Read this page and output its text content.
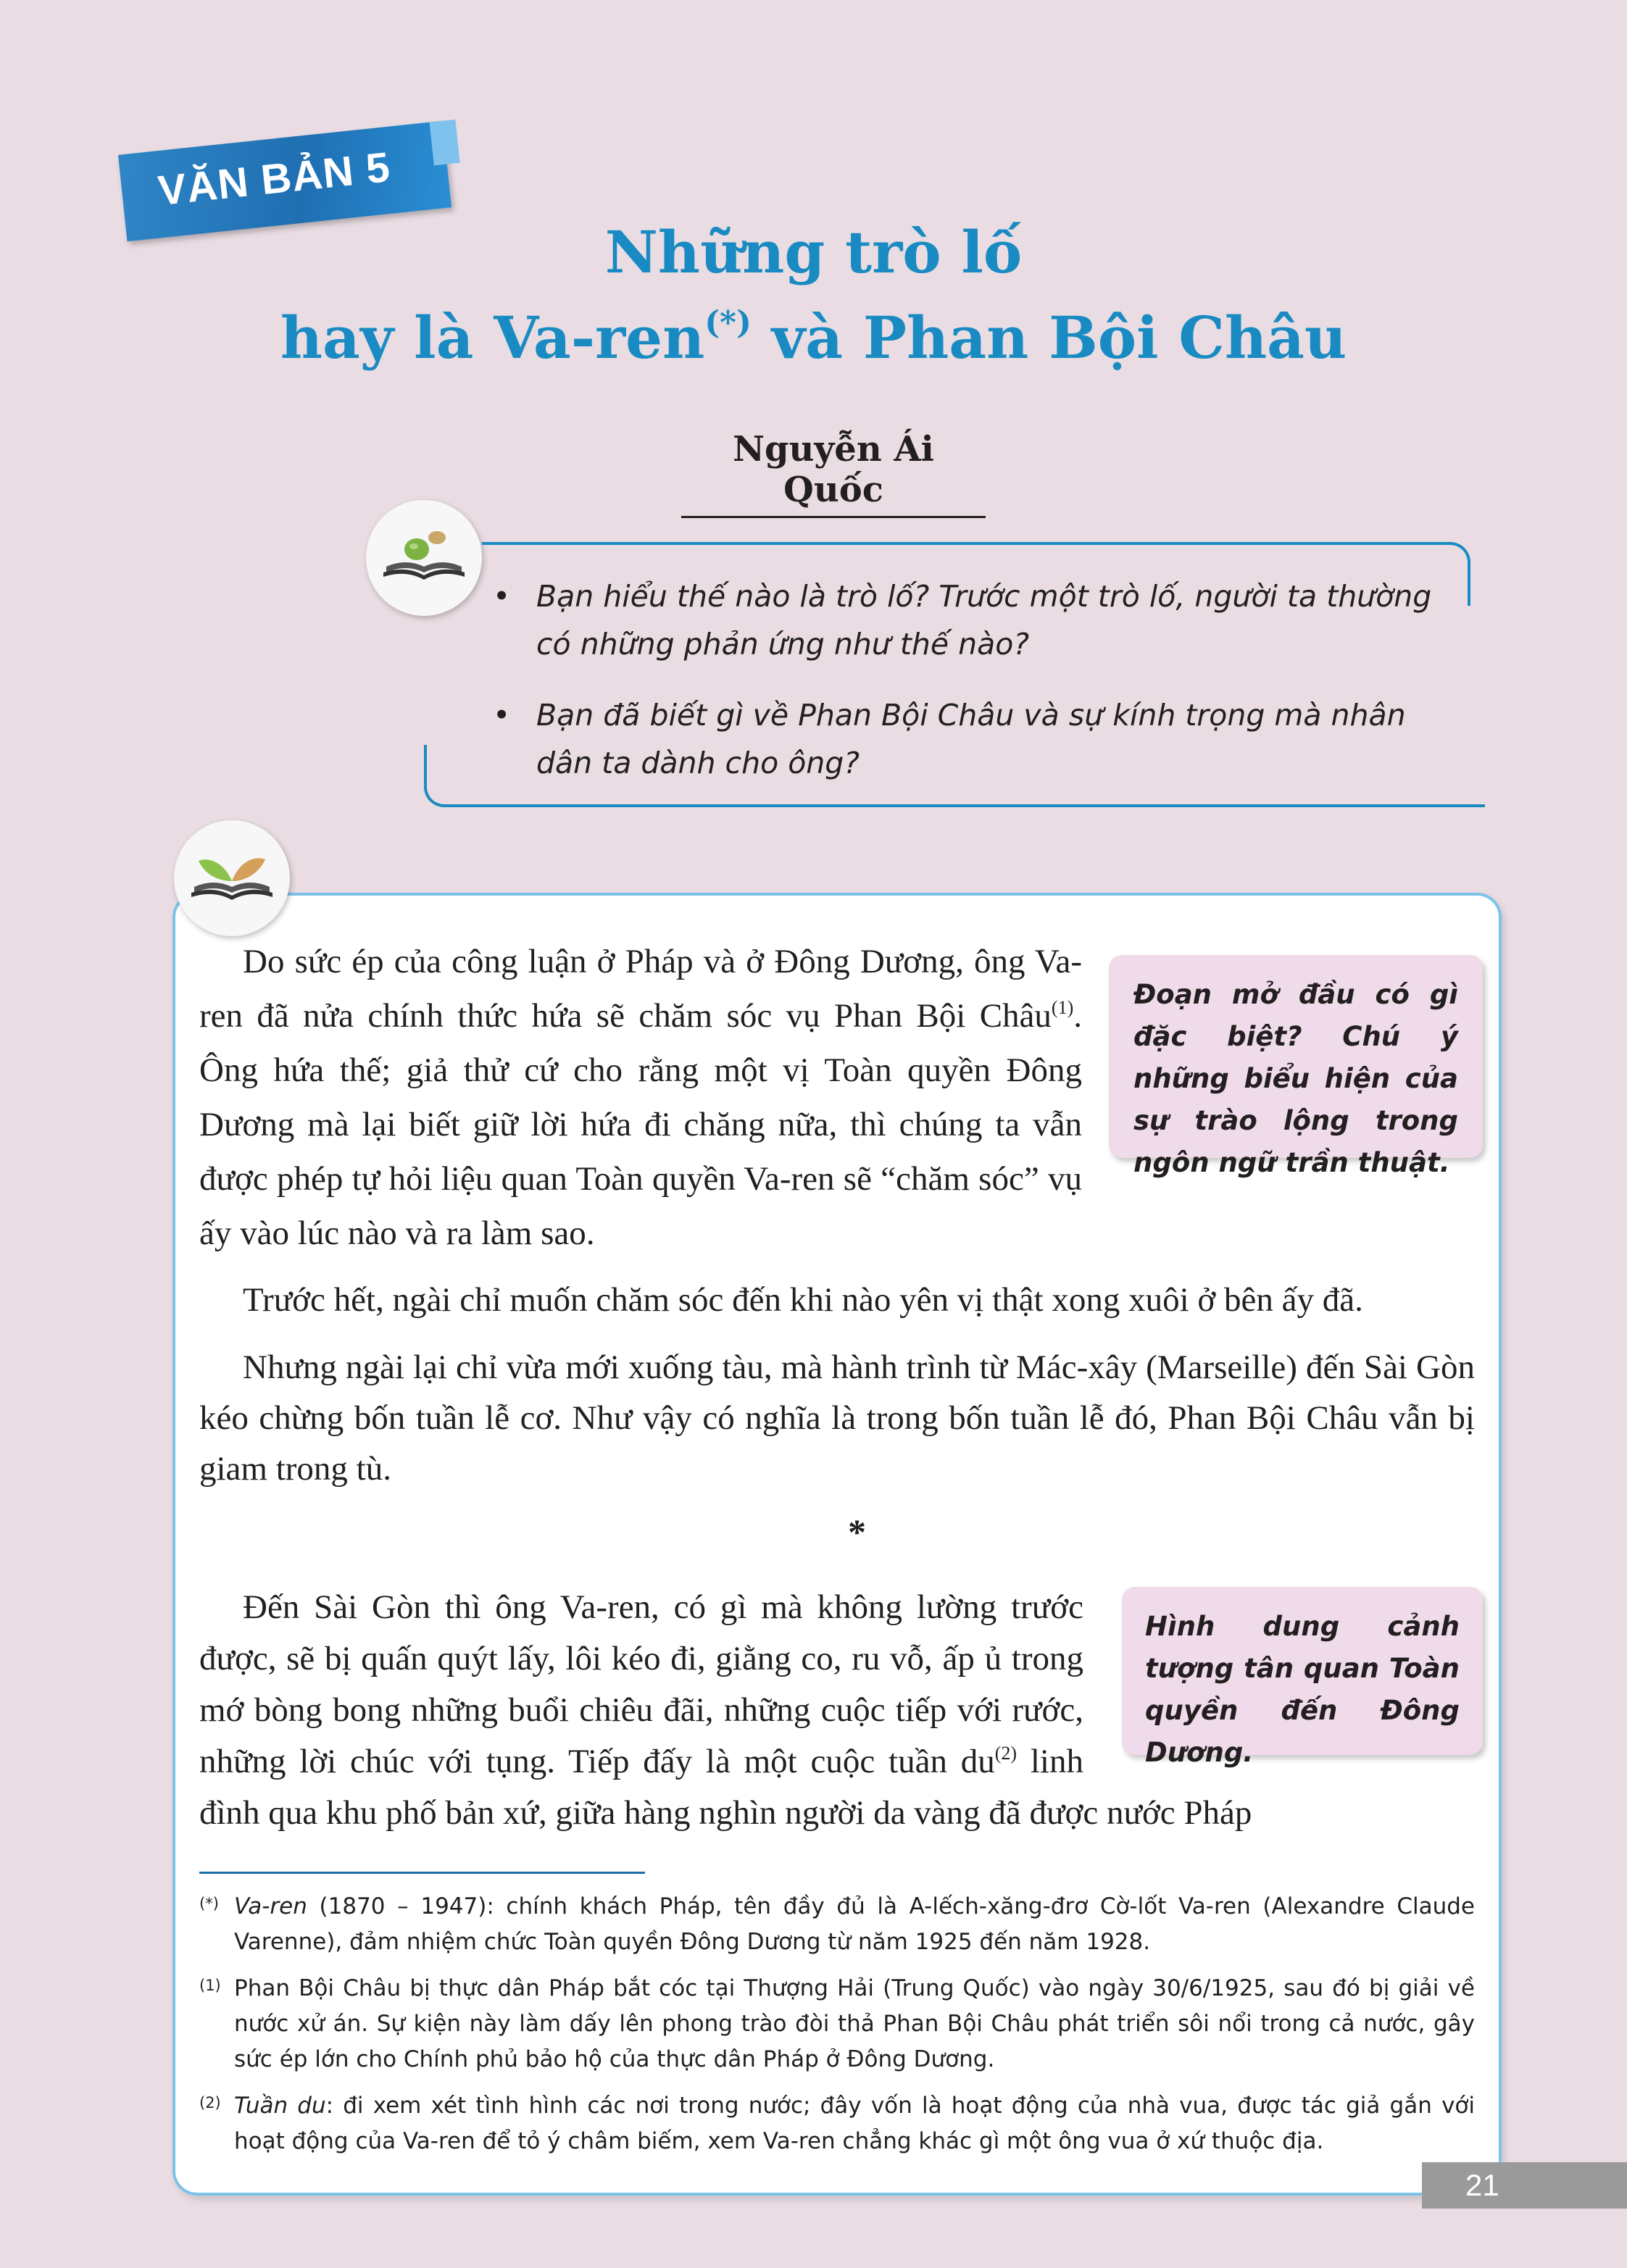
VĂN BẢN 5
Những trò lố
hay là Va-ren(*) và Phan Bội Châu
Nguyễn Ái Quốc
• Bạn hiểu thế nào là trò lố? Trước một trò lố, người ta thường có những phản ứng như thế nào?
• Bạn đã biết gì về Phan Bội Châu và sự kính trọng mà nhân dân ta dành cho ông?

Do sức ép của công luận ở Pháp và ở Đông Dương, ông Va-ren đã nửa chính thức hứa sẽ chăm sóc vụ Phan Bội Châu$^{(1)}$. Ông hứa thế; giả thử cứ cho rằng một vị Toàn quyền Đông Dương mà lại biết giữ lời hứa đi chăng nữa, thì chúng ta vẫn được phép tự hỏi liệu quan Toàn quyền Va-ren sẽ “chăm sóc” vụ ấy vào lúc nào và ra làm sao.

Đoạn mở đầu có gì đặc biệt? Chú ý những biểu hiện của sự trào lộng trong ngôn ngữ trần thuật.

Trước hết, ngài chỉ muốn chăm sóc đến khi nào yên vị thật xong xuôi ở bên ấy đã.

Nhưng ngài lại chỉ vừa mới xuống tàu, mà hành trình từ Mác-xây (Marseille) đến Sài Gòn kéo chừng bốn tuần lễ cơ. Như vậy có nghĩa là trong bốn tuần lễ đó, Phan Bội Châu vẫn bị giam trong tù.

*

Đến Sài Gòn thì ông Va-ren, có gì mà không lường trước được, sẽ bị quấn quýt lấy, lôi kéo đi, giằng co, ru vỗ, ấp ủ trong mớ bòng bong những buổi chiêu đãi, những cuộc tiếp với rước, những lời chúc với tụng. Tiếp đấy là một cuộc tuần $du^{(2)}$ linh đình qua khu phố bản xứ, giữa hàng nghìn người da vàng đã được nước Pháp

Hình dung cảnh tượng tân quan Toàn quyền đến Đông Dương.
(*) Va-ren (1870 – 1947): chính khách Pháp, tên đầy đủ là A-lếch-xăng-đrơ Cờ-lốt Va-ren (Alexandre Claude Varenne), đảm nhiệm chức Toàn quyền Đông Dương từ năm 1925 đến năm 1928.
(1) Phan Bội Châu bị thực dân Pháp bắt cóc tại Thượng Hải (Trung Quốc) vào ngày 30/6/1925, sau đó bị giải về nước xử án. Sự kiện này làm dấy lên phong trào đòi thả Phan Bội Châu phát triển sôi nổi trong cả nước, gây sức ép lớn cho Chính phủ bảo hộ của thực dân Pháp ở Đông Dương.
(2) Tuần du: đi xem xét tình hình các nơi trong nước; đây vốn là hoạt động của nhà vua, được tác giả gắn với hoạt động của Va-ren để tỏ ý châm biếm, xem Va-ren chẳng khác gì một ông vua ở xứ thuộc địa.
21
